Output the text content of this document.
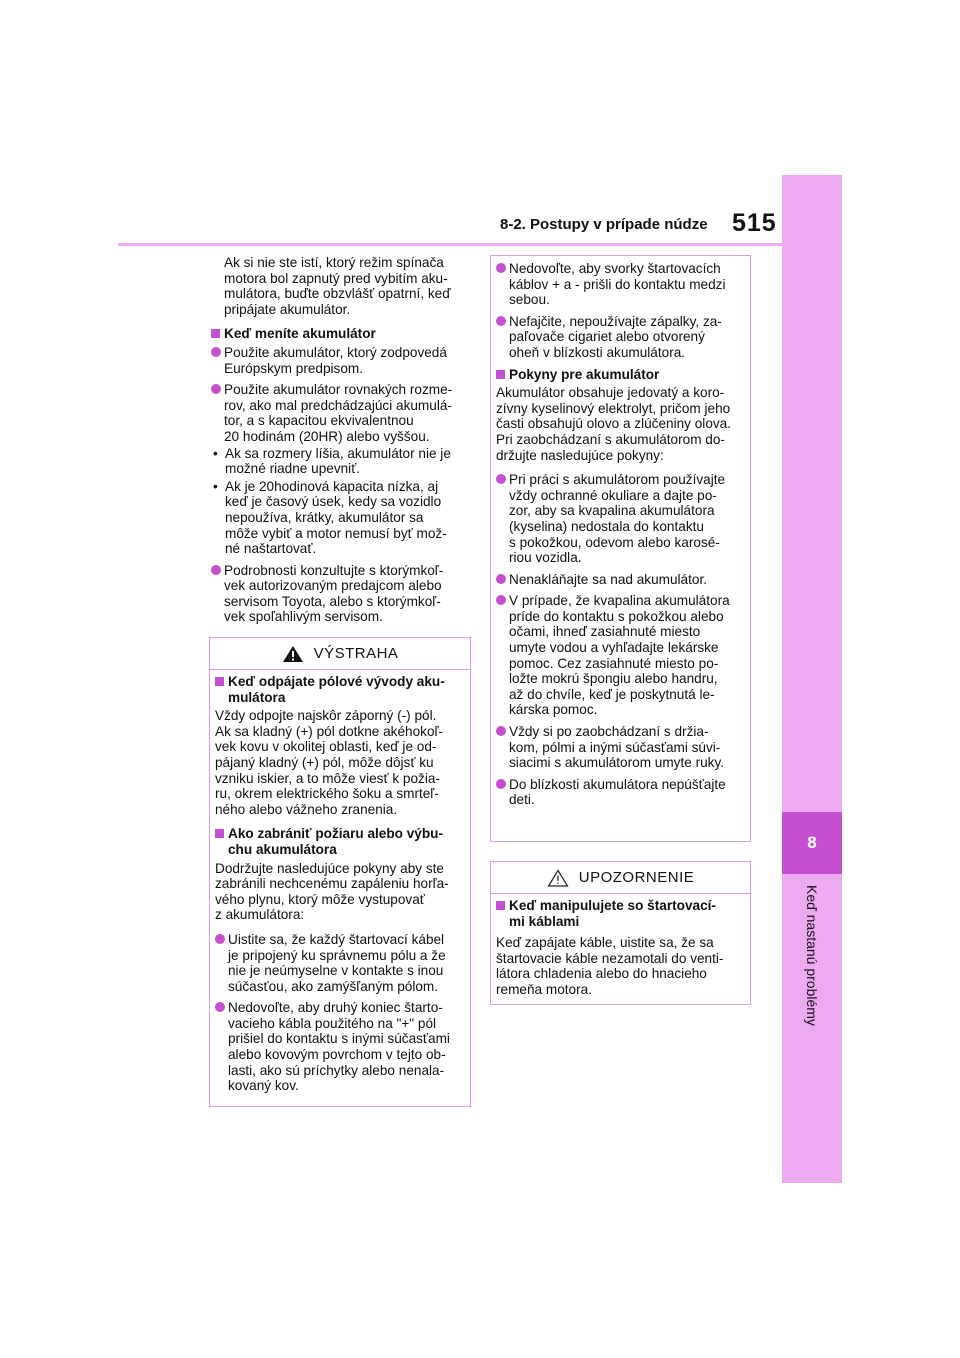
8
Keď nastanú problémy
8-2. Postupy v prípade núdze 515
Ak si nie ste istí, ktorý režim spínača
motora bol zapnutý pred vybitím aku-
mulátora, buďte obzvlášť opatrní, keď
pripájate akumulátor.
Keď meníte akumulátor
Použite akumulátor, ktorý zodpovedá
Európskym predpisom.
Použite akumulátor rovnakých rozme-
rov, ako mal predchádzajúci akumulá-
tor, a s kapacitou ekvivalentnou
20 hodinám (20HR) alebo vyššou.
• Ak sa rozmery líšia, akumulátor nie je
možné riadne upevniť.
• Ak je 20hodinová kapacita nízka, aj
keď je časový úsek, kedy sa vozidlo
nepoužíva, krátky, akumulátor sa
môže vybiť a motor nemusí byť mož-
né naštartovať.
Podrobnosti konzultujte s ktorýmkoľ-
vek autorizovaným predajcom alebo
servisom Toyota, alebo s ktorýmkoľ-
vek spoľahlivým servisom.
VÝSTRAHA
Keď odpájate pólové vývody aku-
mulátora
Vždy odpojte najskôr záporný (-) pól.
Ak sa kladný (+) pól dotkne akéhokoľ-
vek kovu v okolitej oblasti, keď je od-
pájaný kladný (+) pól, môže dôjsť ku
vzniku iskier, a to môže viesť k požia-
ru, okrem elektrického šoku a smrteľ-
ného alebo vážneho zranenia.
Ako zabrániť požiaru alebo výbu-
chu akumulátora
Dodržujte nasledujúce pokyny aby ste
zabránili nechcenému zapáleniu horľa-
vého plynu, ktorý môže vystupovať
z akumulátora:
Uistite sa, že každý štartovací kábel
je pripojený ku správnemu pólu a že
nie je neúmyselne v kontakte s inou
súčasťou, ako zamýšľaným pólom.
Nedovoľte, aby druhý koniec štarto-
vacieho kábla použitého na "+" pól
prišiel do kontaktu s inými súčasťami
alebo kovovým povrchom v tejto ob-
lasti, ako sú príchytky alebo nenala-
kovaný kov.
Nedovoľte, aby svorky štartovacích
káblov + a - prišli do kontaktu medzi
sebou.
Nefajčite, nepoužívajte zápalky, za-
paľovače cigariet alebo otvorený
oheň v blízkosti akumulátora.
Pokyny pre akumulátor
Akumulátor obsahuje jedovatý a koro-
zívny kyselinový elektrolyt, pričom jeho
časti obsahujú olovo a zlúčeniny olova.
Pri zaobchádzaní s akumulátorom do-
držujte nasledujúce pokyny:
Pri práci s akumulátorom používajte
vždy ochranné okuliare a dajte po-
zor, aby sa kvapalina akumulátora
(kyselina) nedostala do kontaktu
s pokožkou, odevom alebo karosé-
riou vozidla.
Nenakláňajte sa nad akumulátor.
V prípade, že kvapalina akumulátora
príde do kontaktu s pokožkou alebo
očami, ihneď zasiahnuté miesto
umyte vodou a vyhľadajte lekárske
pomoc. Cez zasiahnuté miesto po-
ložte mokrú špongiu alebo handru,
až do chvíle, keď je poskytnutá le-
kárska pomoc.
Vždy si po zaobchádzaní s držia-
kom, pólmi a inými súčasťami súvi-
siacimi s akumulátorom umyte ruky.
Do blízkosti akumulátora nepúšťajte
deti.
UPOZORNENIE
Keď manipulujete so štartovací-
mi káblami
Keď zapájate káble, uistite sa, že sa
štartovacie káble nezamotali do venti-
látora chladenia alebo do hnacieho
remeňa motora.
